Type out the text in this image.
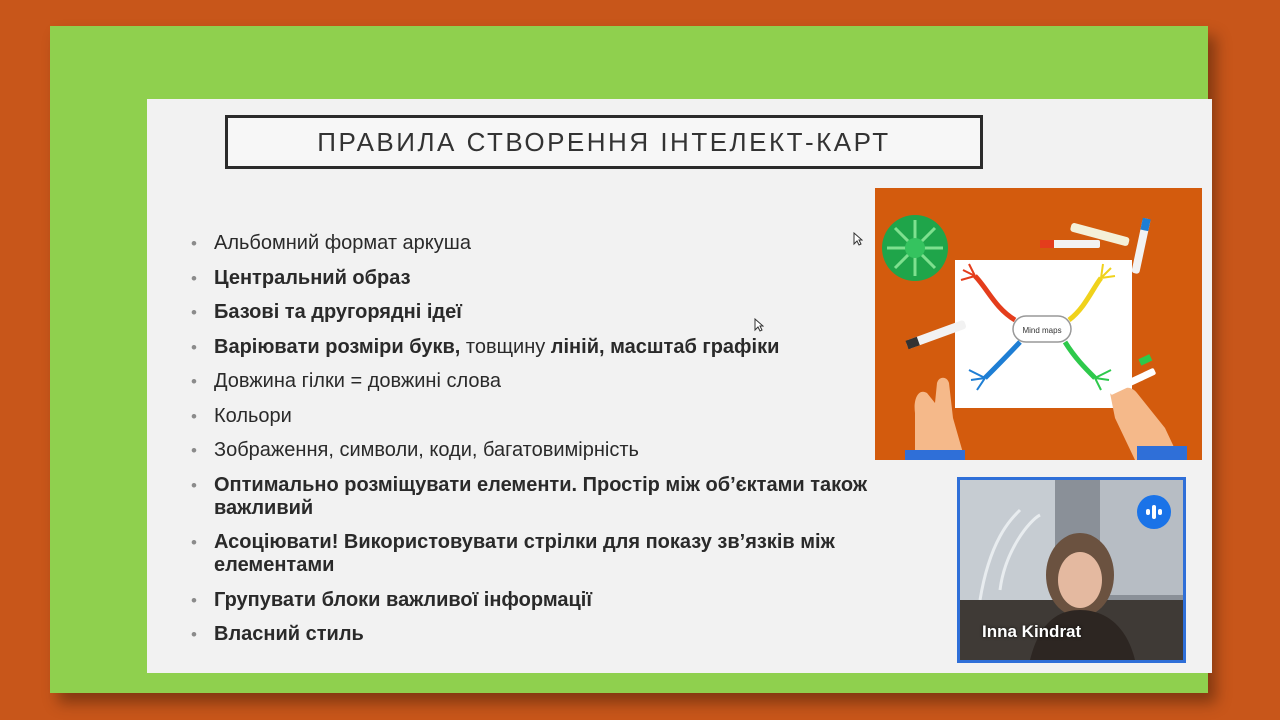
ПРАВИЛА СТВОРЕННЯ ІНТЕЛЕКТ-КАРТ
• Альбомний формат аркуша
• Центральний образ
• Базові та другорядні ідеї
• Варіювати розміри букв, товщину ліній, масштаб графіки
• Довжина гілки = довжині слова
• Кольори
• Зображення, символи, коди, багатовимірність
• Оптимально розміщувати елементи. Простір між об’єктами також важливий
• Асоціювати! Використовувати стрілки для показу зв’язків між елементами
• Групувати блоки важливої інформації
• Власний стиль
Mind maps
Inna Kindrat
